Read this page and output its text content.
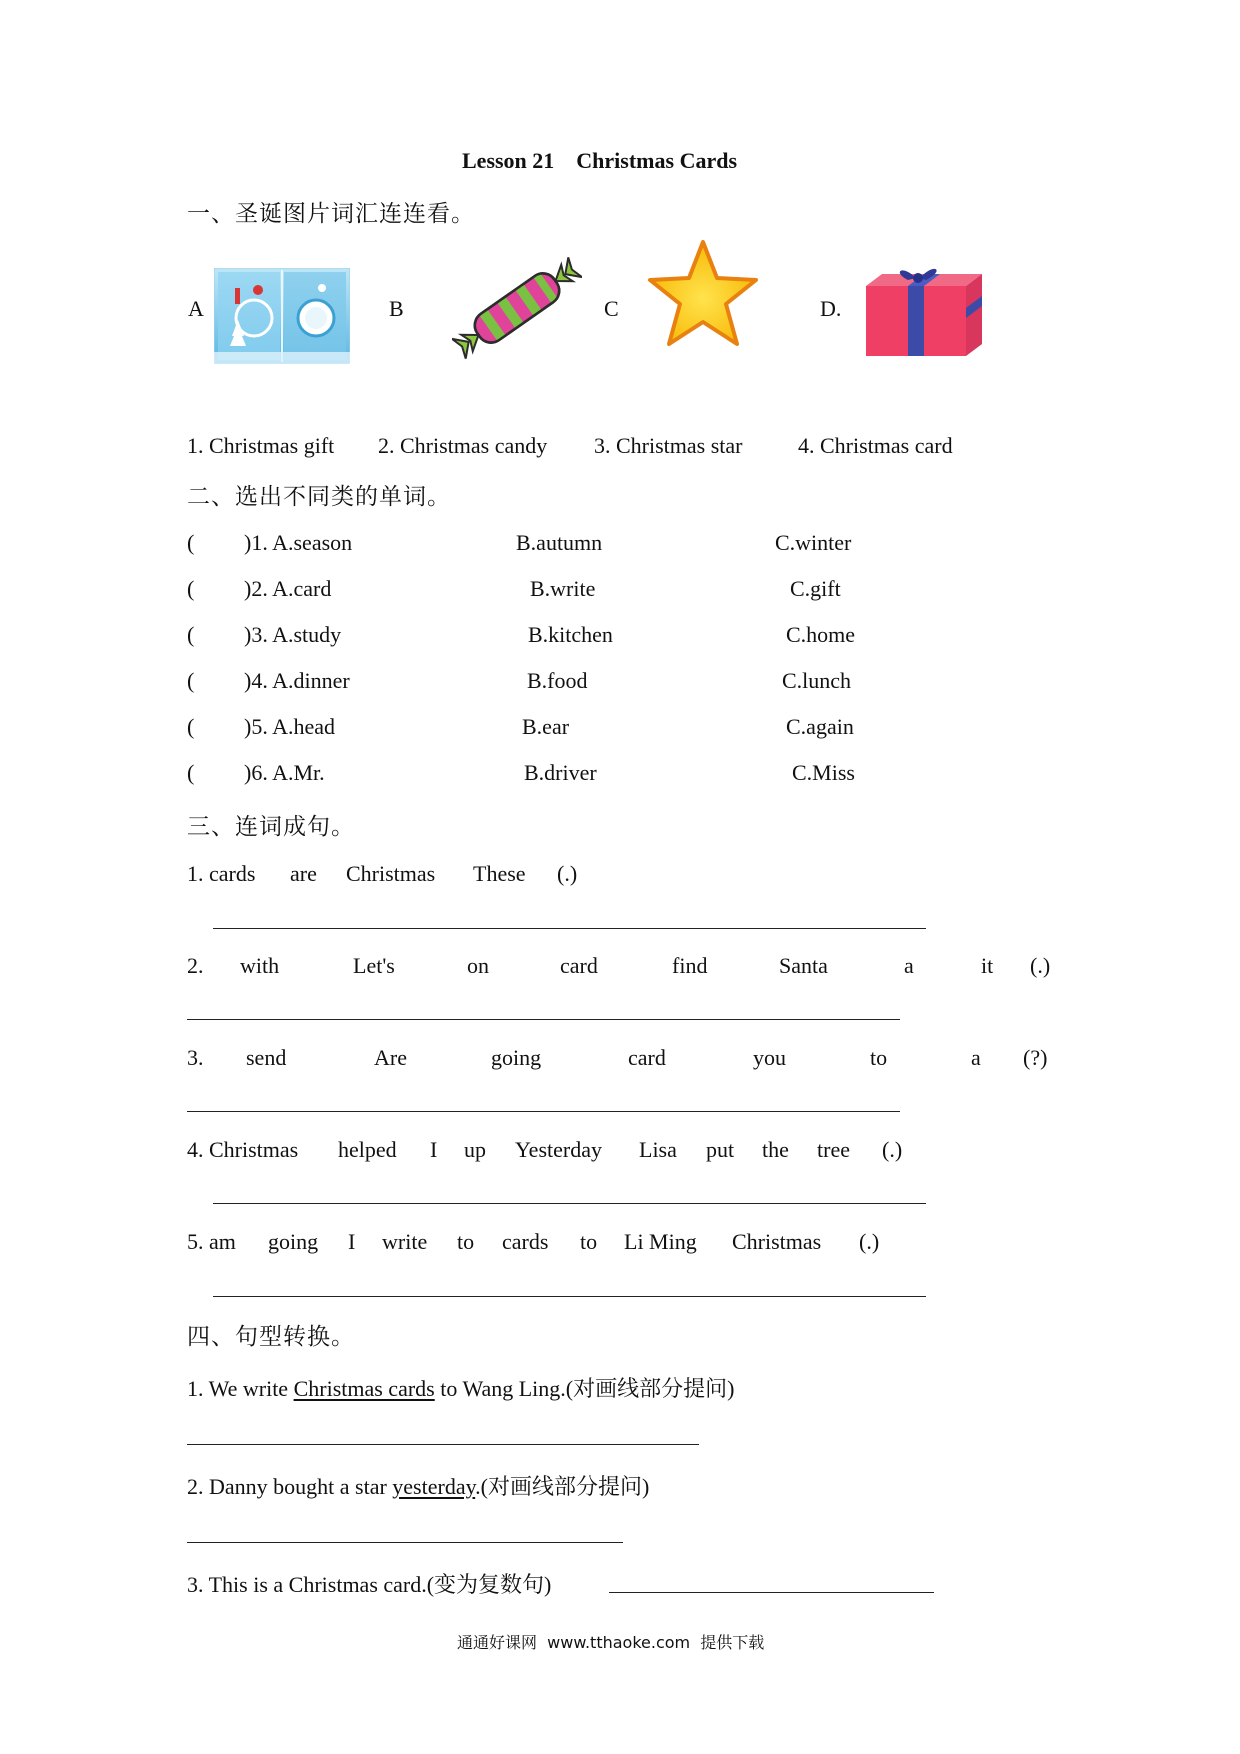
Lesson 21    Christmas Cards
一、圣诞图片词汇连连看。
A	B	C	D.
1. Christmas gift 2. Christmas candy 3. Christmas star	4. Christmas card
二、选出不同类的单词。
( )1. A.season	B.autumn	C.winter
( )2. A.card	B.write	C.gift
( )3. A.study	B.kitchen	C.home
( )4. A.dinner	B.food	C.lunch
( )5. A.head	B.ear	C.again
( )6. A.Mr.	B.driver	C.Miss
三、连词成句。
1. cards are Christmas These (.)
2. with	Let's	on	card	find	Santa	a	it (.)
3. send	Are	going	card	you	to	a (?)
4. Christmas helped I up Yesterday Lisa put the tree (.)
5. am going I write to cards to Li Ming Christmas (.)
四、句型转换。
1. We write Christmas cards to Wang Ling.(对画线部分提问)
2. Danny bought a star yesterday.(对画线部分提问)
3. This is a Christmas card.(变为复数句)
通通好课网  www.tthaoke.com  提供下载
